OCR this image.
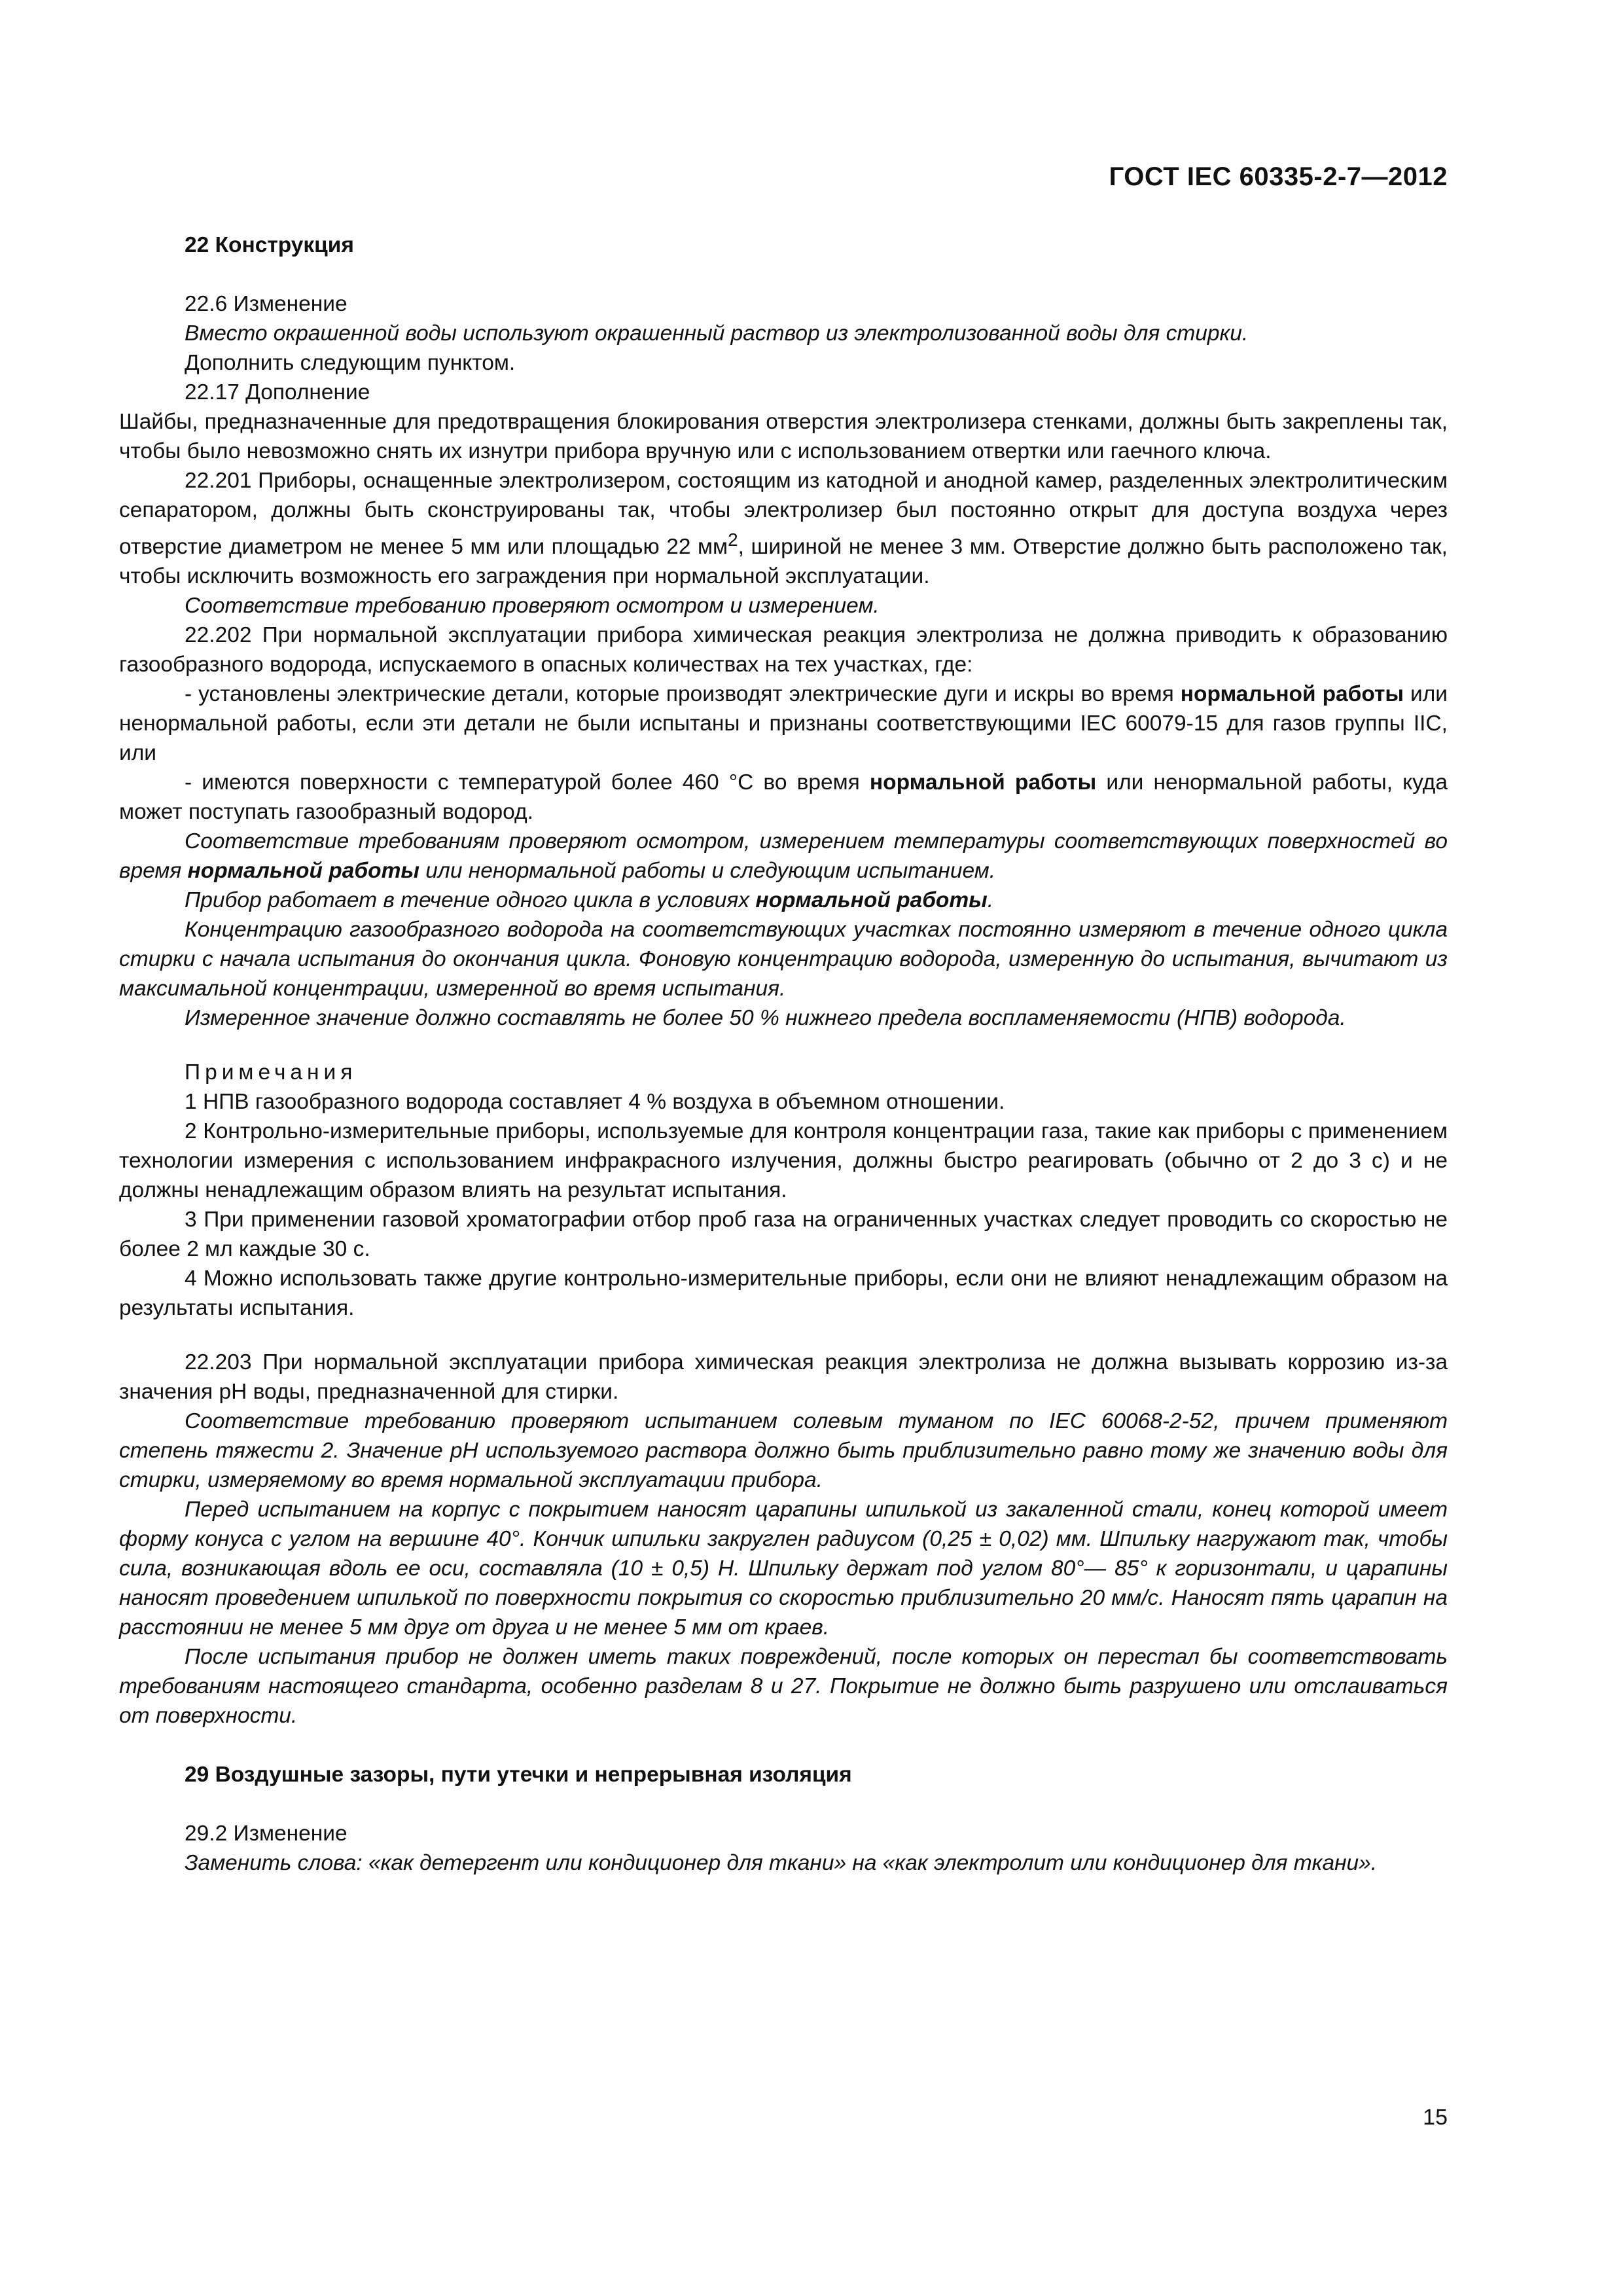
ГОСТ IEC 60335-2-7—2012

22 Конструкция

22.6 Изменение

Вместо окрашенной воды используют окрашенный раствор из электролизованной воды для стирки.

Дополнить следующим пунктом.

22.17 Дополнение

Шайбы, предназначенные для предотвращения блокирования отверстия электролизера стенками, должны быть закреплены так, чтобы было невозможно снять их изнутри прибора вручную или с использованием отвертки или гаечного ключа.

22.201 Приборы, оснащенные электролизером, состоящим из катодной и анодной камер, разделенных электролитическим сепаратором, должны быть сконструированы так, чтобы электролизер был постоянно открыт для доступа воздуха через отверстие диаметром не менее 5 мм или площадью 22 $мм^2$, шириной не менее 3 мм. Отверстие должно быть расположено так, чтобы исключить возможность его заграждения при нормальной эксплуатации.

Соответствие требованию проверяют осмотром и измерением.

22.202 При нормальной эксплуатации прибора химическая реакция электролиза не должна приводить к образованию газообразного водорода, испускаемого в опасных количествах на тех участках, где:

- установлены электрические детали, которые производят электрические дуги и искры во время нормальной работы или ненормальной работы, если эти детали не были испытаны и признаны соответствующими IEC 60079-15 для газов группы IIC, или

- имеются поверхности с температурой более 460 °C во время нормальной работы или ненормальной работы, куда может поступать газообразный водород.

Соответствие требованиям проверяют осмотром, измерением температуры соответствующих поверхностей во время нормальной работы или ненормальной работы и следующим испытанием.

Прибор работает в течение одного цикла в условиях нормальной работы.

Концентрацию газообразного водорода на соответствующих участках постоянно измеряют в течение одного цикла стирки с начала испытания до окончания цикла. Фоновую концентрацию водорода, измеренную до испытания, вычитают из максимальной концентрации, измеренной во время испытания.

Измеренное значение должно составлять не более 50 % нижнего предела воспламеняемости (НПВ) водорода.

Примечания

1 НПВ газообразного водорода составляет 4 % воздуха в объемном отношении.

2 Контрольно-измерительные приборы, используемые для контроля концентрации газа, такие как приборы с применением технологии измерения с использованием инфракрасного излучения, должны быстро реагировать (обычно от 2 до 3 с) и не должны ненадлежащим образом влиять на результат испытания.

3 При применении газовой хроматографии отбор проб газа на ограниченных участках следует проводить со скоростью не более 2 мл каждые 30 с.

4 Можно использовать также другие контрольно-измерительные приборы, если они не влияют ненадлежащим образом на результаты испытания.

22.203 При нормальной эксплуатации прибора химическая реакция электролиза не должна вызывать коррозию из-за значения pH воды, предназначенной для стирки.

Соответствие требованию проверяют испытанием солевым туманом по IEC 60068-2-52, причем применяют степень тяжести 2. Значение pH используемого раствора должно быть приблизительно равно тому же значению воды для стирки, измеряемому во время нормальной эксплуатации прибора.

Перед испытанием на корпус с покрытием наносят царапины шпилькой из закаленной стали, конец которой имеет форму конуса с углом на вершине 40°. Кончик шпильки закруглен радиусом (0,25 ± 0,02) мм. Шпильку нагружают так, чтобы сила, возникающая вдоль ее оси, составляла (10 ± 0,5) Н. Шпильку держат под углом 80°— 85° к горизонтали, и царапины наносят проведением шпилькой по поверхности покрытия со скоростью приблизительно 20 мм/с. Наносят пять царапин на расстоянии не менее 5 мм друг от друга и не менее 5 мм от краев.

После испытания прибор не должен иметь таких повреждений, после которых он перестал бы соответствовать требованиям настоящего стандарта, особенно разделам 8 и 27. Покрытие не должно быть разрушено или отслаиваться от поверхности.

29 Воздушные зазоры, пути утечки и непрерывная изоляция

29.2 Изменение

Заменить слова: «как детергент или кондиционер для ткани» на «как электролит или кондиционер для ткани».

15
